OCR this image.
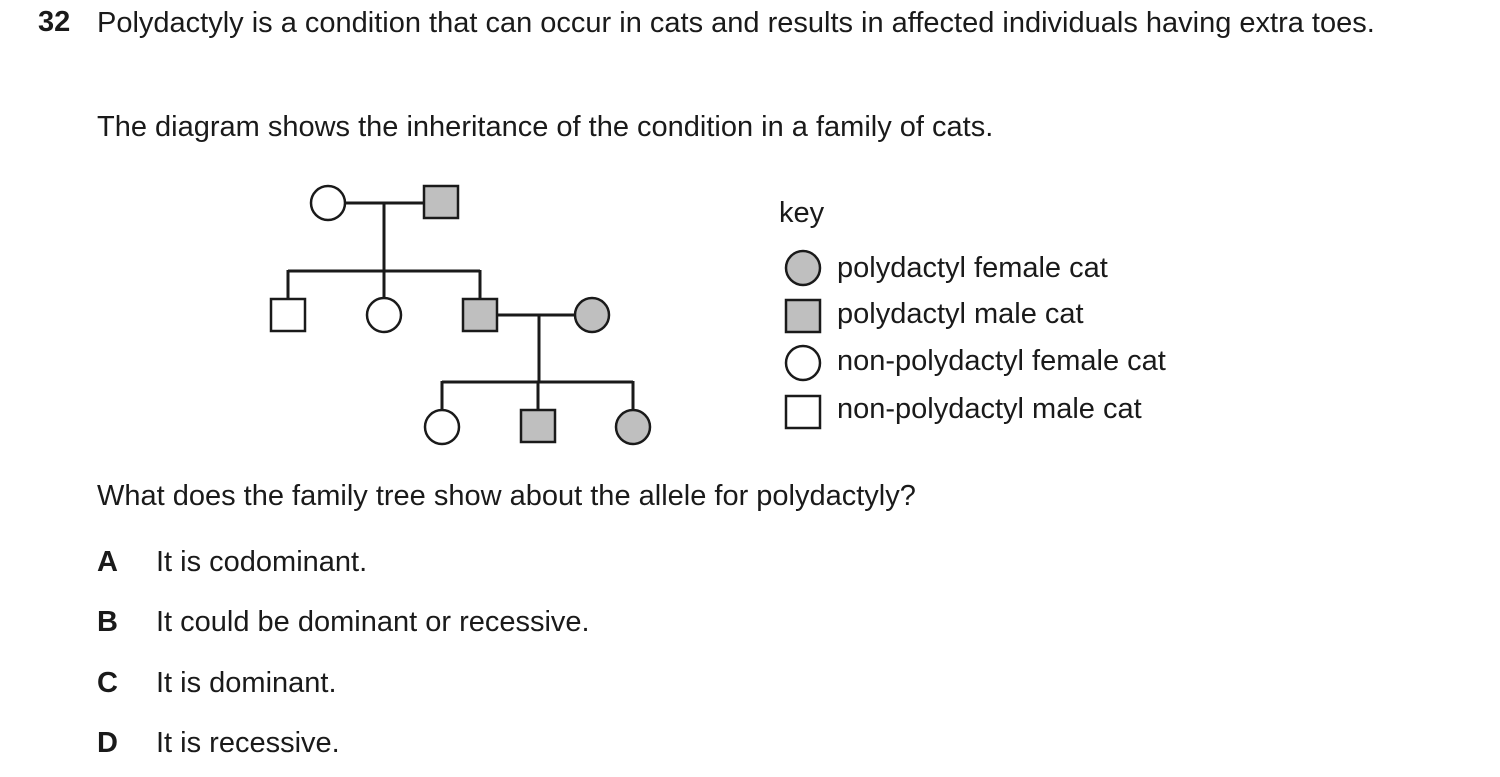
32 Polydactyly is a condition that can occur in cats and results in affected individuals having extra toes.
The diagram shows the inheritance of the condition in a family of cats.
key
polydactyl female cat
polydactyl male cat
non-polydactyl female cat
non-polydactyl male cat
What does the family tree show about the allele for polydactyly?
A It is codominant.
B It could be dominant or recessive.
C It is dominant.
D It is recessive.
